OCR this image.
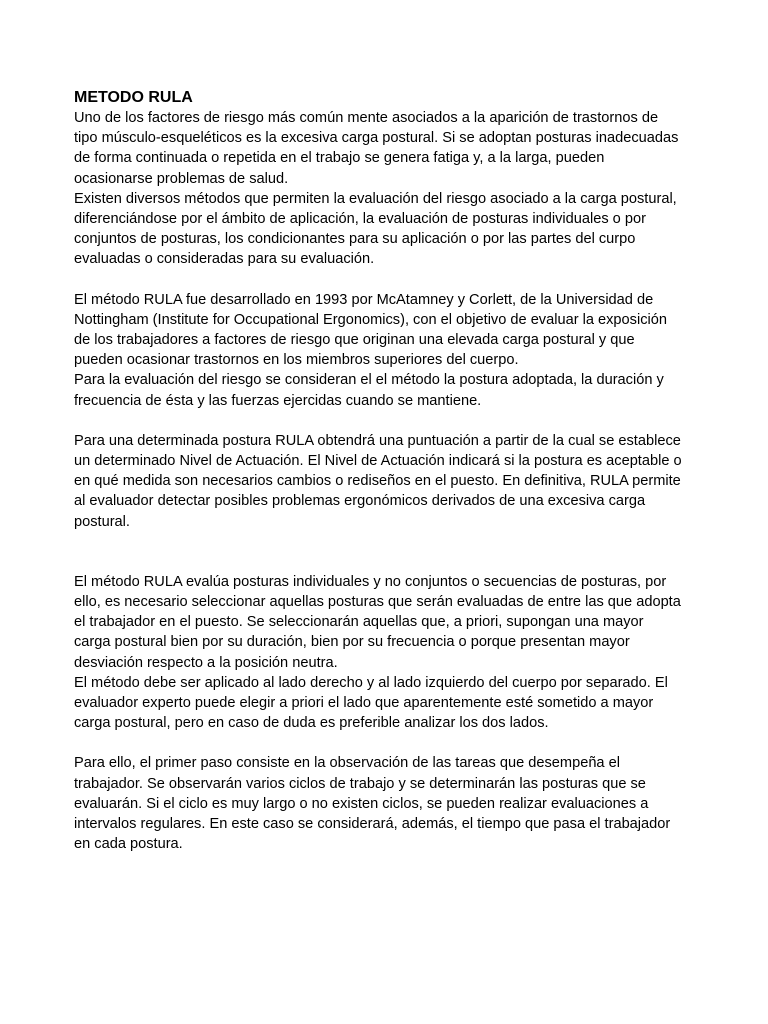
METODO RULA

Uno de los factores de riesgo más común mente asociados a la aparición de trastornos de tipo músculo-esqueléticos es la excesiva carga postural. Si se adoptan posturas inadecuadas de forma continuada o repetida en el trabajo se genera fatiga y, a la larga, pueden ocasionarse problemas de salud.

Existen diversos métodos que permiten la evaluación del riesgo asociado a la carga postural, diferenciándose por el ámbito de aplicación, la evaluación de posturas individuales o por conjuntos de posturas, los condicionantes para su aplicación o por las partes del curpo evaluadas o consideradas para su evaluación.

El método RULA fue desarrollado en 1993 por McAtamney y Corlett, de la Universidad de Nottingham (Institute for Occupational Ergonomics), con el objetivo de evaluar la exposición de los trabajadores a factores de riesgo que originan una elevada carga postural y que pueden ocasionar trastornos en los miembros superiores del cuerpo.

Para la evaluación del riesgo se consideran el el método la postura adoptada, la duración y frecuencia de ésta y las fuerzas ejercidas cuando se mantiene.

Para una determinada postura RULA obtendrá una puntuación a partir de la cual se establece un determinado Nivel de Actuación. El Nivel de Actuación indicará si la postura es aceptable o en qué medida son necesarios cambios o rediseños en el puesto. En definitiva, RULA permite al evaluador detectar posibles problemas ergonómicos derivados de una excesiva carga postural.

El método RULA evalúa posturas individuales y no conjuntos o secuencias de posturas, por ello, es necesario seleccionar aquellas posturas que serán evaluadas de entre las que adopta el trabajador en el puesto. Se seleccionarán aquellas que, a priori, supongan una mayor carga postural bien por su duración, bien por su frecuencia o porque presentan mayor desviación respecto a la posición neutra.

El método debe ser aplicado al lado derecho y al lado izquierdo del cuerpo por separado. El evaluador experto puede elegir a priori el lado que aparentemente esté sometido a mayor carga postural, pero en caso de duda es preferible analizar los dos lados.

Para ello, el primer paso consiste en la observación de las tareas que desempeña el trabajador. Se observarán varios ciclos de trabajo y se determinarán las posturas que se evaluarán. Si el ciclo es muy largo o no existen ciclos, se pueden realizar evaluaciones a intervalos regulares. En este caso se considerará, además, el tiempo que pasa el trabajador en cada postura.
